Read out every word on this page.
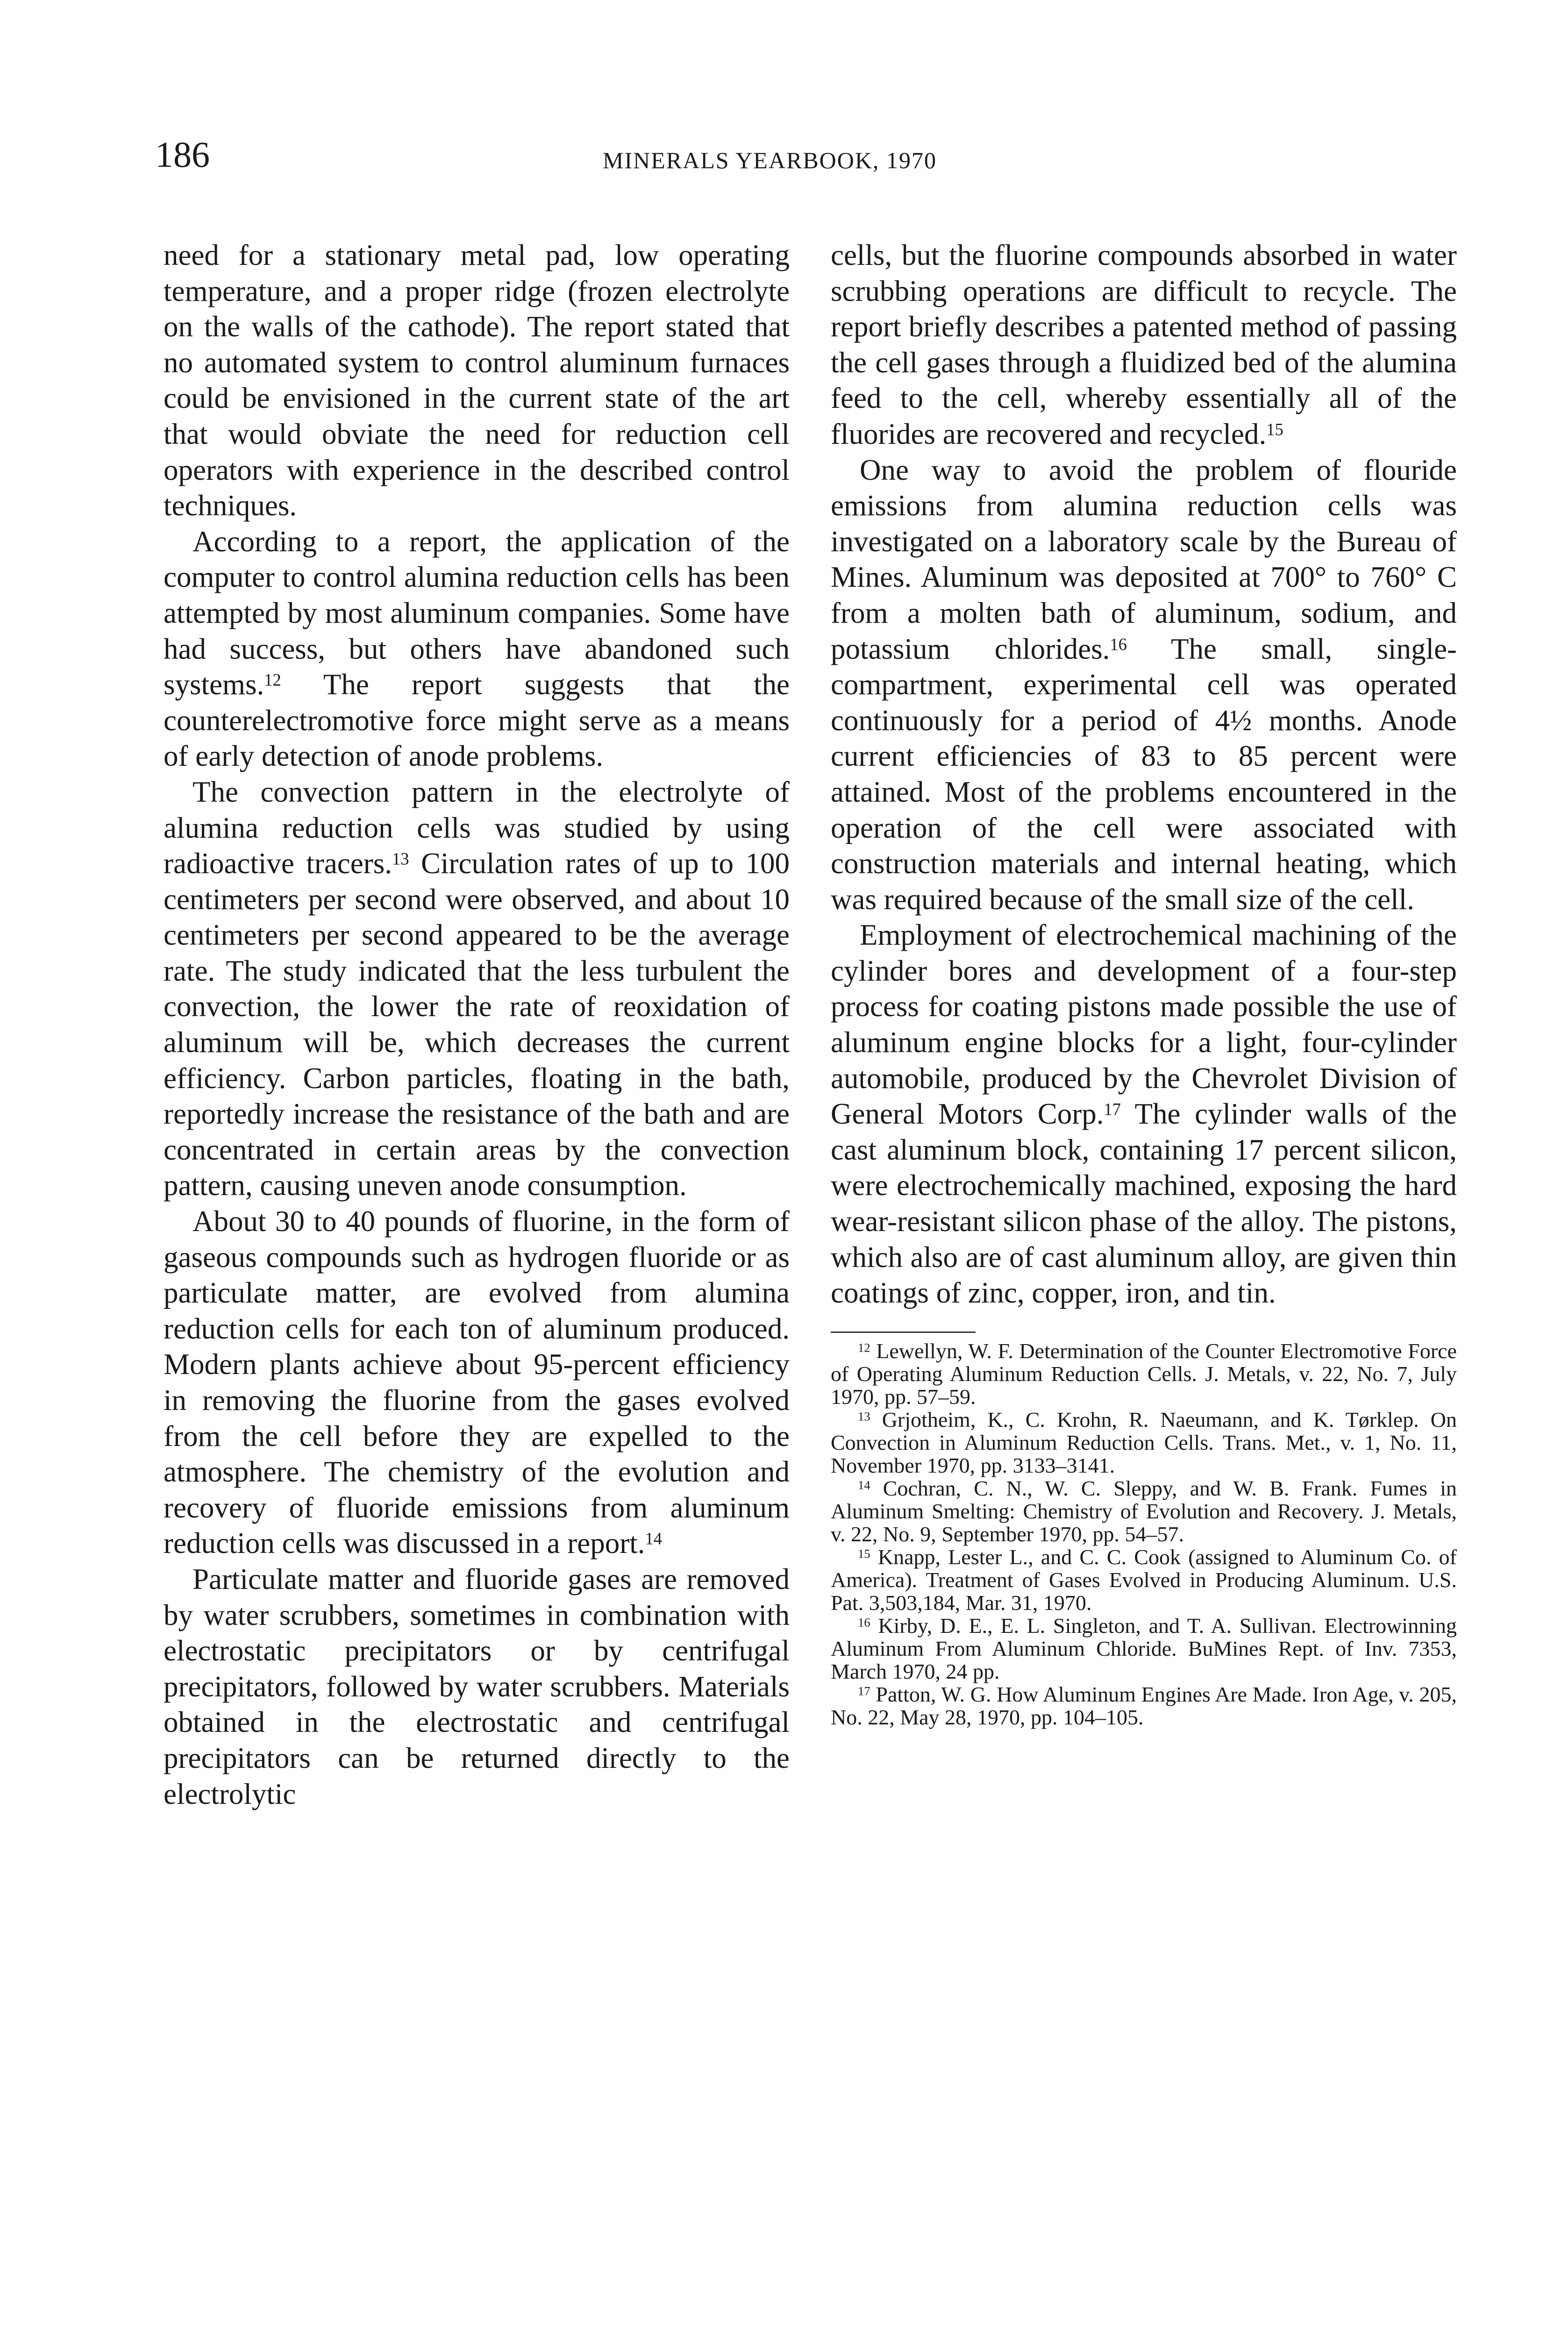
186	MINERALS YEARBOOK, 1970

need for a stationary metal pad, low operating temperature, and a proper ridge (frozen electrolyte on the walls of the cathode). The report stated that no automated system to control aluminum furnaces could be envisioned in the current state of the art that would obviate the need for reduction cell operators with experience in the described control techniques.

According to a report, the application of the computer to control alumina reduction cells has been attempted by most aluminum companies. Some have had success, but others have abandoned such systems.$^{12}$ The report suggests that the counterelectromotive force might serve as a means of early detection of anode problems.

The convection pattern in the electrolyte of alumina reduction cells was studied by using radioactive tracers.$^{13}$ Circulation rates of up to 100 centimeters per second were observed, and about 10 centimeters per second appeared to be the average rate. The study indicated that the less turbulent the convection, the lower the rate of reoxidation of aluminum will be, which decreases the current efficiency. Carbon particles, floating in the bath, reportedly increase the resistance of the bath and are concentrated in certain areas by the convection pattern, causing uneven anode consumption.

About 30 to 40 pounds of fluorine, in the form of gaseous compounds such as hydrogen fluoride or as particulate matter, are evolved from alumina reduction cells for each ton of aluminum produced. Modern plants achieve about 95-percent efficiency in removing the fluorine from the gases evolved from the cell before they are expelled to the atmosphere. The chemistry of the evolution and recovery of fluoride emissions from aluminum reduction cells was discussed in a report.$^{14}$

Particulate matter and fluoride gases are removed by water scrubbers, sometimes in combination with electrostatic precipitators or by centrifugal precipitators, followed by water scrubbers. Materials obtained in the electrostatic and centrifugal precipitators can be returned directly to the electrolytic

cells, but the fluorine compounds absorbed in water scrubbing operations are difficult to recycle. The report briefly describes a patented method of passing the cell gases through a fluidized bed of the alumina feed to the cell, whereby essentially all of the fluorides are recovered and recycled.$^{15}$

One way to avoid the problem of flouride emissions from alumina reduction cells was investigated on a laboratory scale by the Bureau of Mines. Aluminum was deposited at 700° to 760° C from a molten bath of aluminum, sodium, and potassium chlorides.$^{16}$ The small, single-compartment, experimental cell was operated continuously for a period of 4½ months. Anode current efficiencies of 83 to 85 percent were attained. Most of the problems encountered in the operation of the cell were associated with construction materials and internal heating, which was required because of the small size of the cell.

Employment of electrochemical machining of the cylinder bores and development of a four-step process for coating pistons made possible the use of aluminum engine blocks for a light, four-cylinder automobile, produced by the Chevrolet Division of General Motors Corp.$^{17}$ The cylinder walls of the cast aluminum block, containing 17 percent silicon, were electrochemically machined, exposing the hard wear-resistant silicon phase of the alloy. The pistons, which also are of cast aluminum alloy, are given thin coatings of zinc, copper, iron, and tin.

$^{12}$ Lewellyn, W. F. Determination of the Counter Electromotive Force of Operating Aluminum Reduction Cells. J. Metals, v. 22, No. 7, July 1970, pp. 57–59.

$^{13}$ Grjotheim, K., C. Krohn, R. Naeumann, and K. Tørklep. On Convection in Aluminum Reduction Cells. Trans. Met., v. 1, No. 11, November 1970, pp. 3133–3141.

$^{14}$ Cochran, C. N., W. C. Sleppy, and W. B. Frank. Fumes in Aluminum Smelting: Chemistry of Evolution and Recovery. J. Metals, v. 22, No. 9, September 1970, pp. 54–57.

$^{15}$ Knapp, Lester L., and C. C. Cook (assigned to Aluminum Co. of America). Treatment of Gases Evolved in Producing Aluminum. U.S. Pat. 3,503,184, Mar. 31, 1970.

$^{16}$ Kirby, D. E., E. L. Singleton, and T. A. Sullivan. Electrowinning Aluminum From Aluminum Chloride. BuMines Rept. of Inv. 7353, March 1970, 24 pp.

$^{17}$ Patton, W. G. How Aluminum Engines Are Made. Iron Age, v. 205, No. 22, May 28, 1970, pp. 104–105.
